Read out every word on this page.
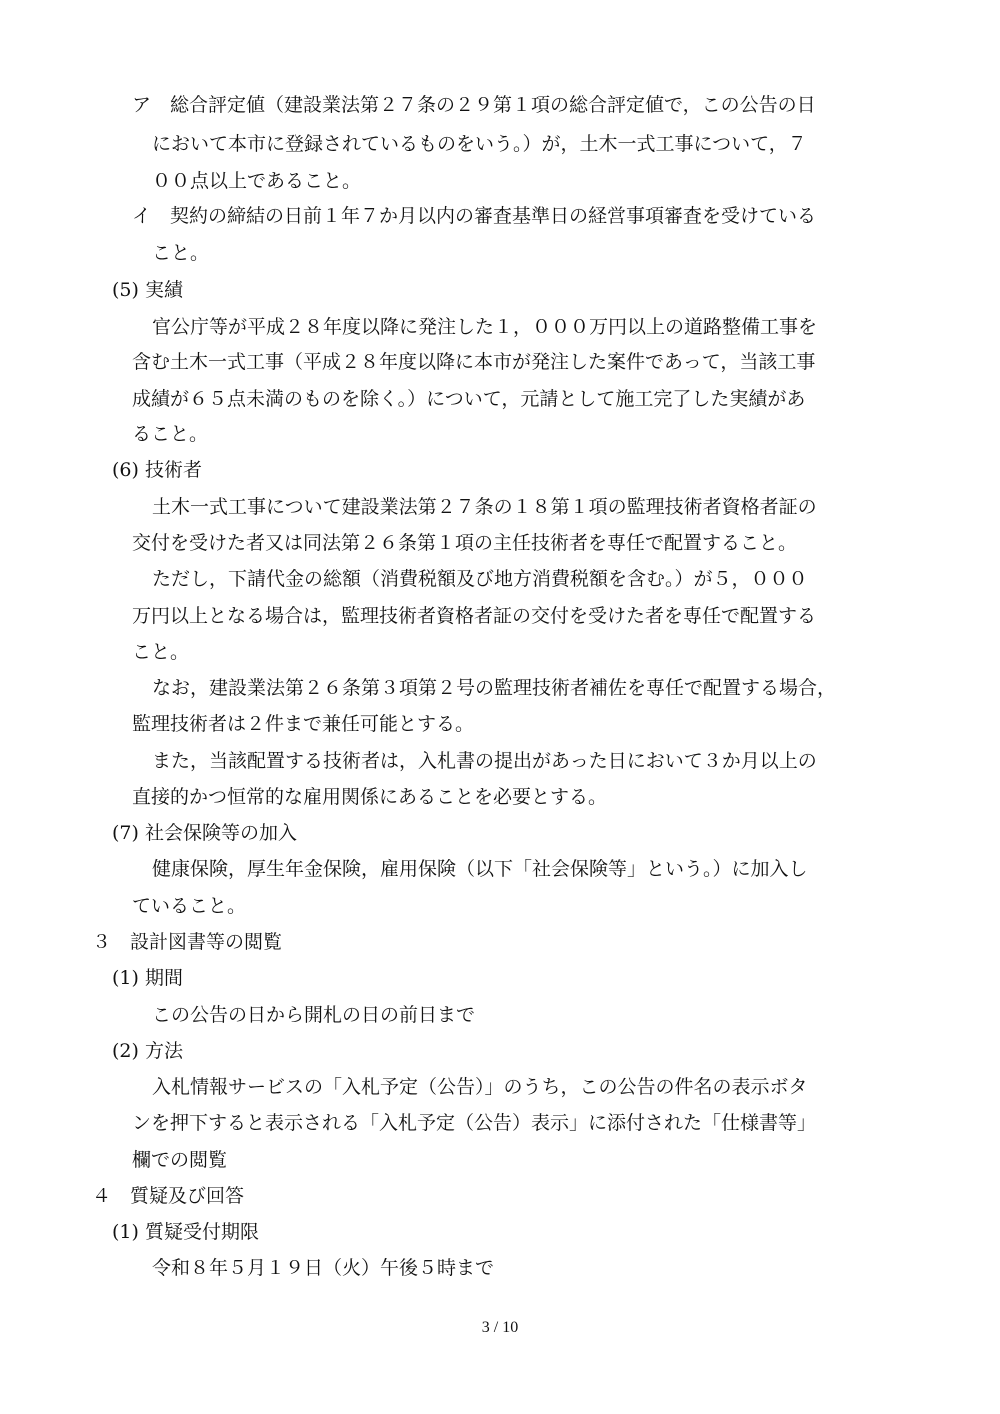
ア　総合評定値（建設業法第２７条の２９第１項の総合評定値で，この公告の日
において本市に登録されているものをいう。）が，土木一式工事について，７
００点以上であること。
イ　契約の締結の日前１年７か月以内の審査基準日の経営事項審査を受けている
こと。
(5) 実績
官公庁等が平成２８年度以降に発注した１，０００万円以上の道路整備工事を
含む土木一式工事（平成２８年度以降に本市が発注した案件であって，当該工事
成績が６５点未満のものを除く。）について，元請として施工完了した実績があ
ること。
(6) 技術者
土木一式工事について建設業法第２７条の１８第１項の監理技術者資格者証の
交付を受けた者又は同法第２６条第１項の主任技術者を専任で配置すること。
ただし，下請代金の総額（消費税額及び地方消費税額を含む。）が５，０００
万円以上となる場合は，監理技術者資格者証の交付を受けた者を専任で配置する
こと。
なお，建設業法第２６条第３項第２号の監理技術者補佐を専任で配置する場合，
監理技術者は２件まで兼任可能とする。
また，当該配置する技術者は，入札書の提出があった日において３か月以上の
直接的かつ恒常的な雇用関係にあることを必要とする。
(7) 社会保険等の加入
健康保険，厚生年金保険，雇用保険（以下「社会保険等」という。）に加入し
ていること。
３　設計図書等の閲覧
(1) 期間
この公告の日から開札の日の前日まで
(2) 方法
入札情報サービスの「入札予定（公告）」のうち，この公告の件名の表示ボタ
ンを押下すると表示される「入札予定（公告）表示」に添付された「仕様書等」
欄での閲覧
４　質疑及び回答
(1) 質疑受付期限
令和８年５月１９日（火）午後５時まで
3 / 10
